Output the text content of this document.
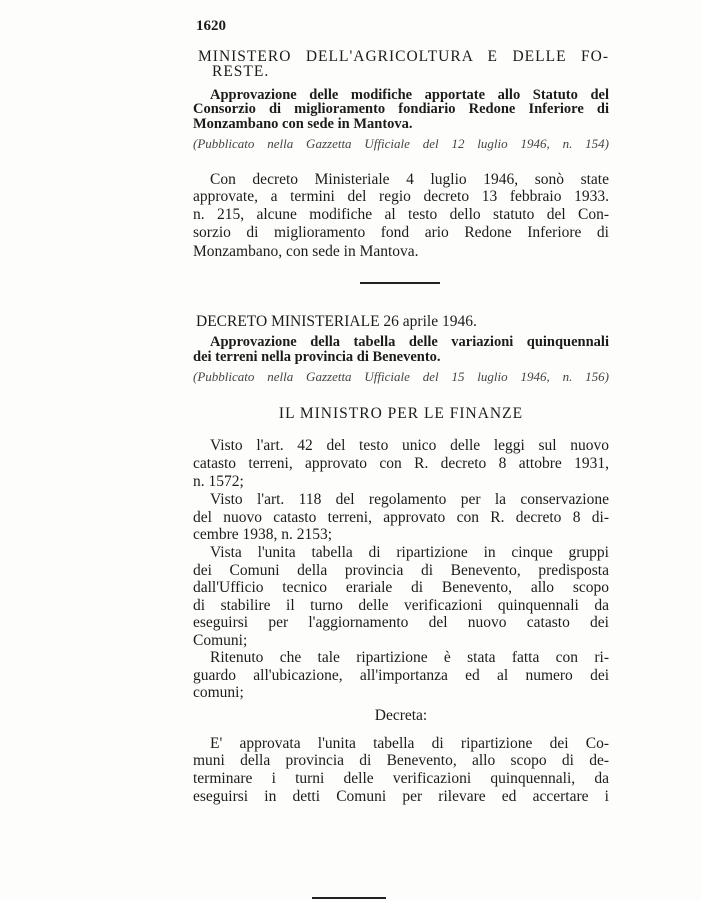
1620
MINISTERO DELL'AGRICOLTURA E DELLE FO-
RESTE.
Approvazione delle modifiche apportate allo Statuto del
Consorzio di miglioramento fondiario Redone Inferiore di
Monzambano con sede in Mantova.
(Pubblicato nella Gazzetta Ufficiale del 12 luglio 1946, n. 154)
Con decreto Ministeriale 4 luglio 1946, sonò state
approvate, a termini del regio decreto 13 febbraio 1933.
n. 215, alcune modifiche al testo dello statuto del Con-
sorzio di miglioramento fond ario Redone Inferiore di
Monzambano, con sede in Mantova.
DECRETO MINISTERIALE 26 aprile 1946.
Approvazione della tabella delle variazioni quinquennali
dei terreni nella provincia di Benevento.
(Pubblicato nella Gazzetta Ufficiale del 15 luglio 1946, n. 156)
IL MINISTRO PER LE FINANZE
Visto l'art. 42 del testo unico delle leggi sul nuovo
catasto terreni, approvato con R. decreto 8 attobre 1931,
n. 1572;
Visto l'art. 118 del regolamento per la conservazione
del nuovo catasto terreni, approvato con R. decreto 8 di-
cembre 1938, n. 2153;
Vista l'unita tabella di ripartizione in cinque gruppi
dei Comuni della provincia di Benevento, predisposta
dall'Ufficio tecnico erariale di Benevento, allo scopo
di stabilire il turno delle verificazioni quinquennali da
eseguirsi per l'aggiornamento del nuovo catasto dei
Comuni;
Ritenuto che tale ripartizione è stata fatta con ri-
guardo all'ubicazione, all'importanza ed al numero dei
comuni;
Decreta:
E' approvata l'unita tabella di ripartizione dei Co-
muni della provincia di Benevento, allo scopo di de-
terminare i turni delle verificazioni quinquennali, da
eseguirsi in detti Comuni per rilevare ed accertare i
